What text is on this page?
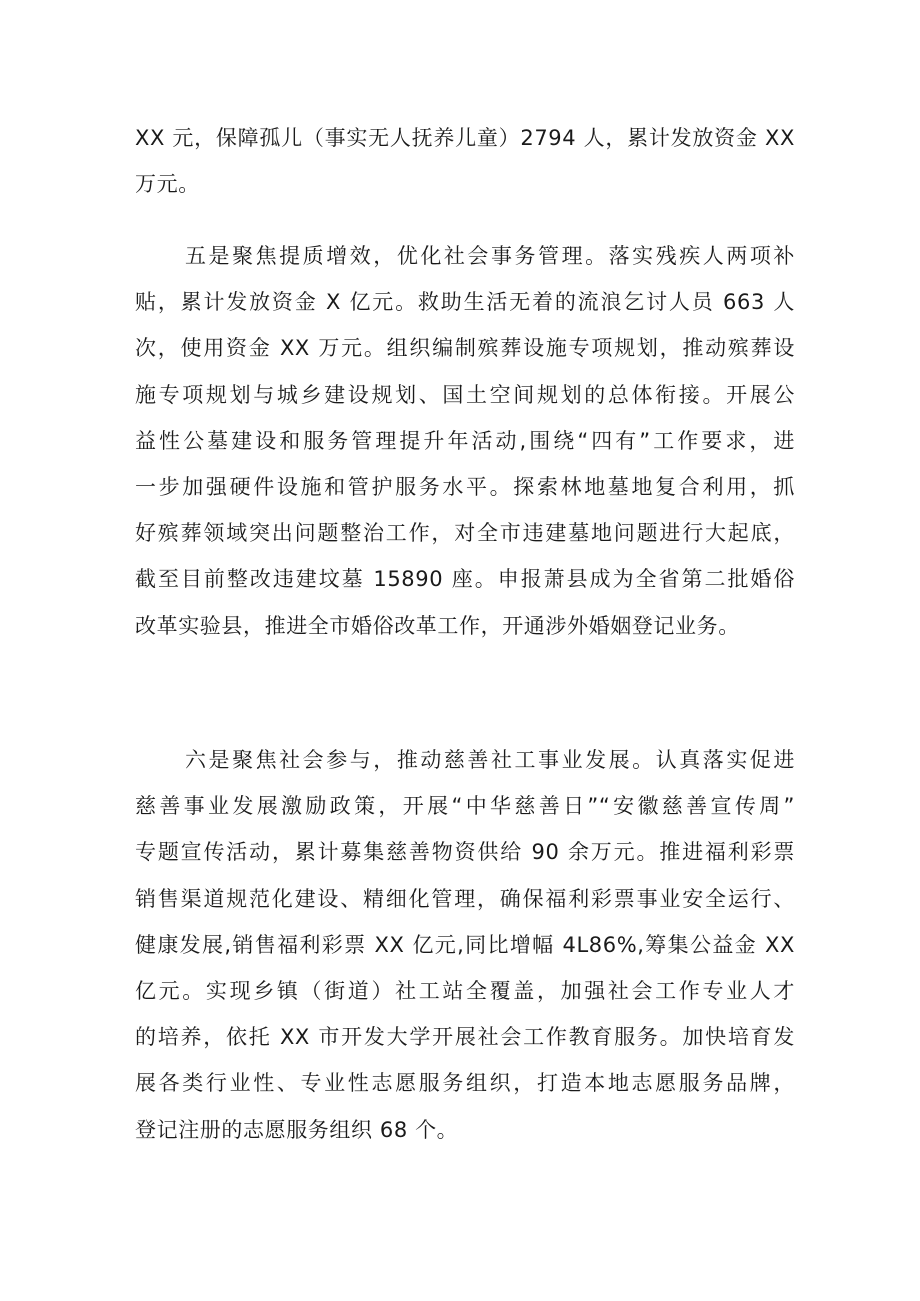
XX 元，保障孤儿（事实无人抚养儿童）2794 人，累计发放资金 XX
万元。

五是聚焦提质增效，优化社会事务管理。落实残疾人两项补
贴，累计发放资金 X 亿元。救助生活无着的流浪乞讨人员 663 人
次，使用资金 XX 万元。组织编制殡葬设施专项规划，推动殡葬设
施专项规划与城乡建设规划、国土空间规划的总体衔接。开展公
益性公墓建设和服务管理提升年活动,围绕“四有”工作要求，进
一步加强硬件设施和管护服务水平。探索林地墓地复合利用，抓
好殡葬领域突出问题整治工作，对全市违建墓地问题进行大起底，
截至目前整改违建坟墓 15890 座。申报萧县成为全省第二批婚俗
改革实验县，推进全市婚俗改革工作，开通涉外婚姻登记业务。

六是聚焦社会参与，推动慈善社工事业发展。认真落实促进
慈善事业发展激励政策，开展“中华慈善日”“安徽慈善宣传周”
专题宣传活动，累计募集慈善物资供给 90 余万元。推进福利彩票
销售渠道规范化建设、精细化管理，确保福利彩票事业安全运行、
健康发展,销售福利彩票 XX 亿元,同比增幅 4L86%,筹集公益金 XX
亿元。实现乡镇（街道）社工站全覆盖，加强社会工作专业人才
的培养，依托 XX 市开发大学开展社会工作教育服务。加快培育发
展各类行业性、专业性志愿服务组织，打造本地志愿服务品牌，
登记注册的志愿服务组织 68 个。
